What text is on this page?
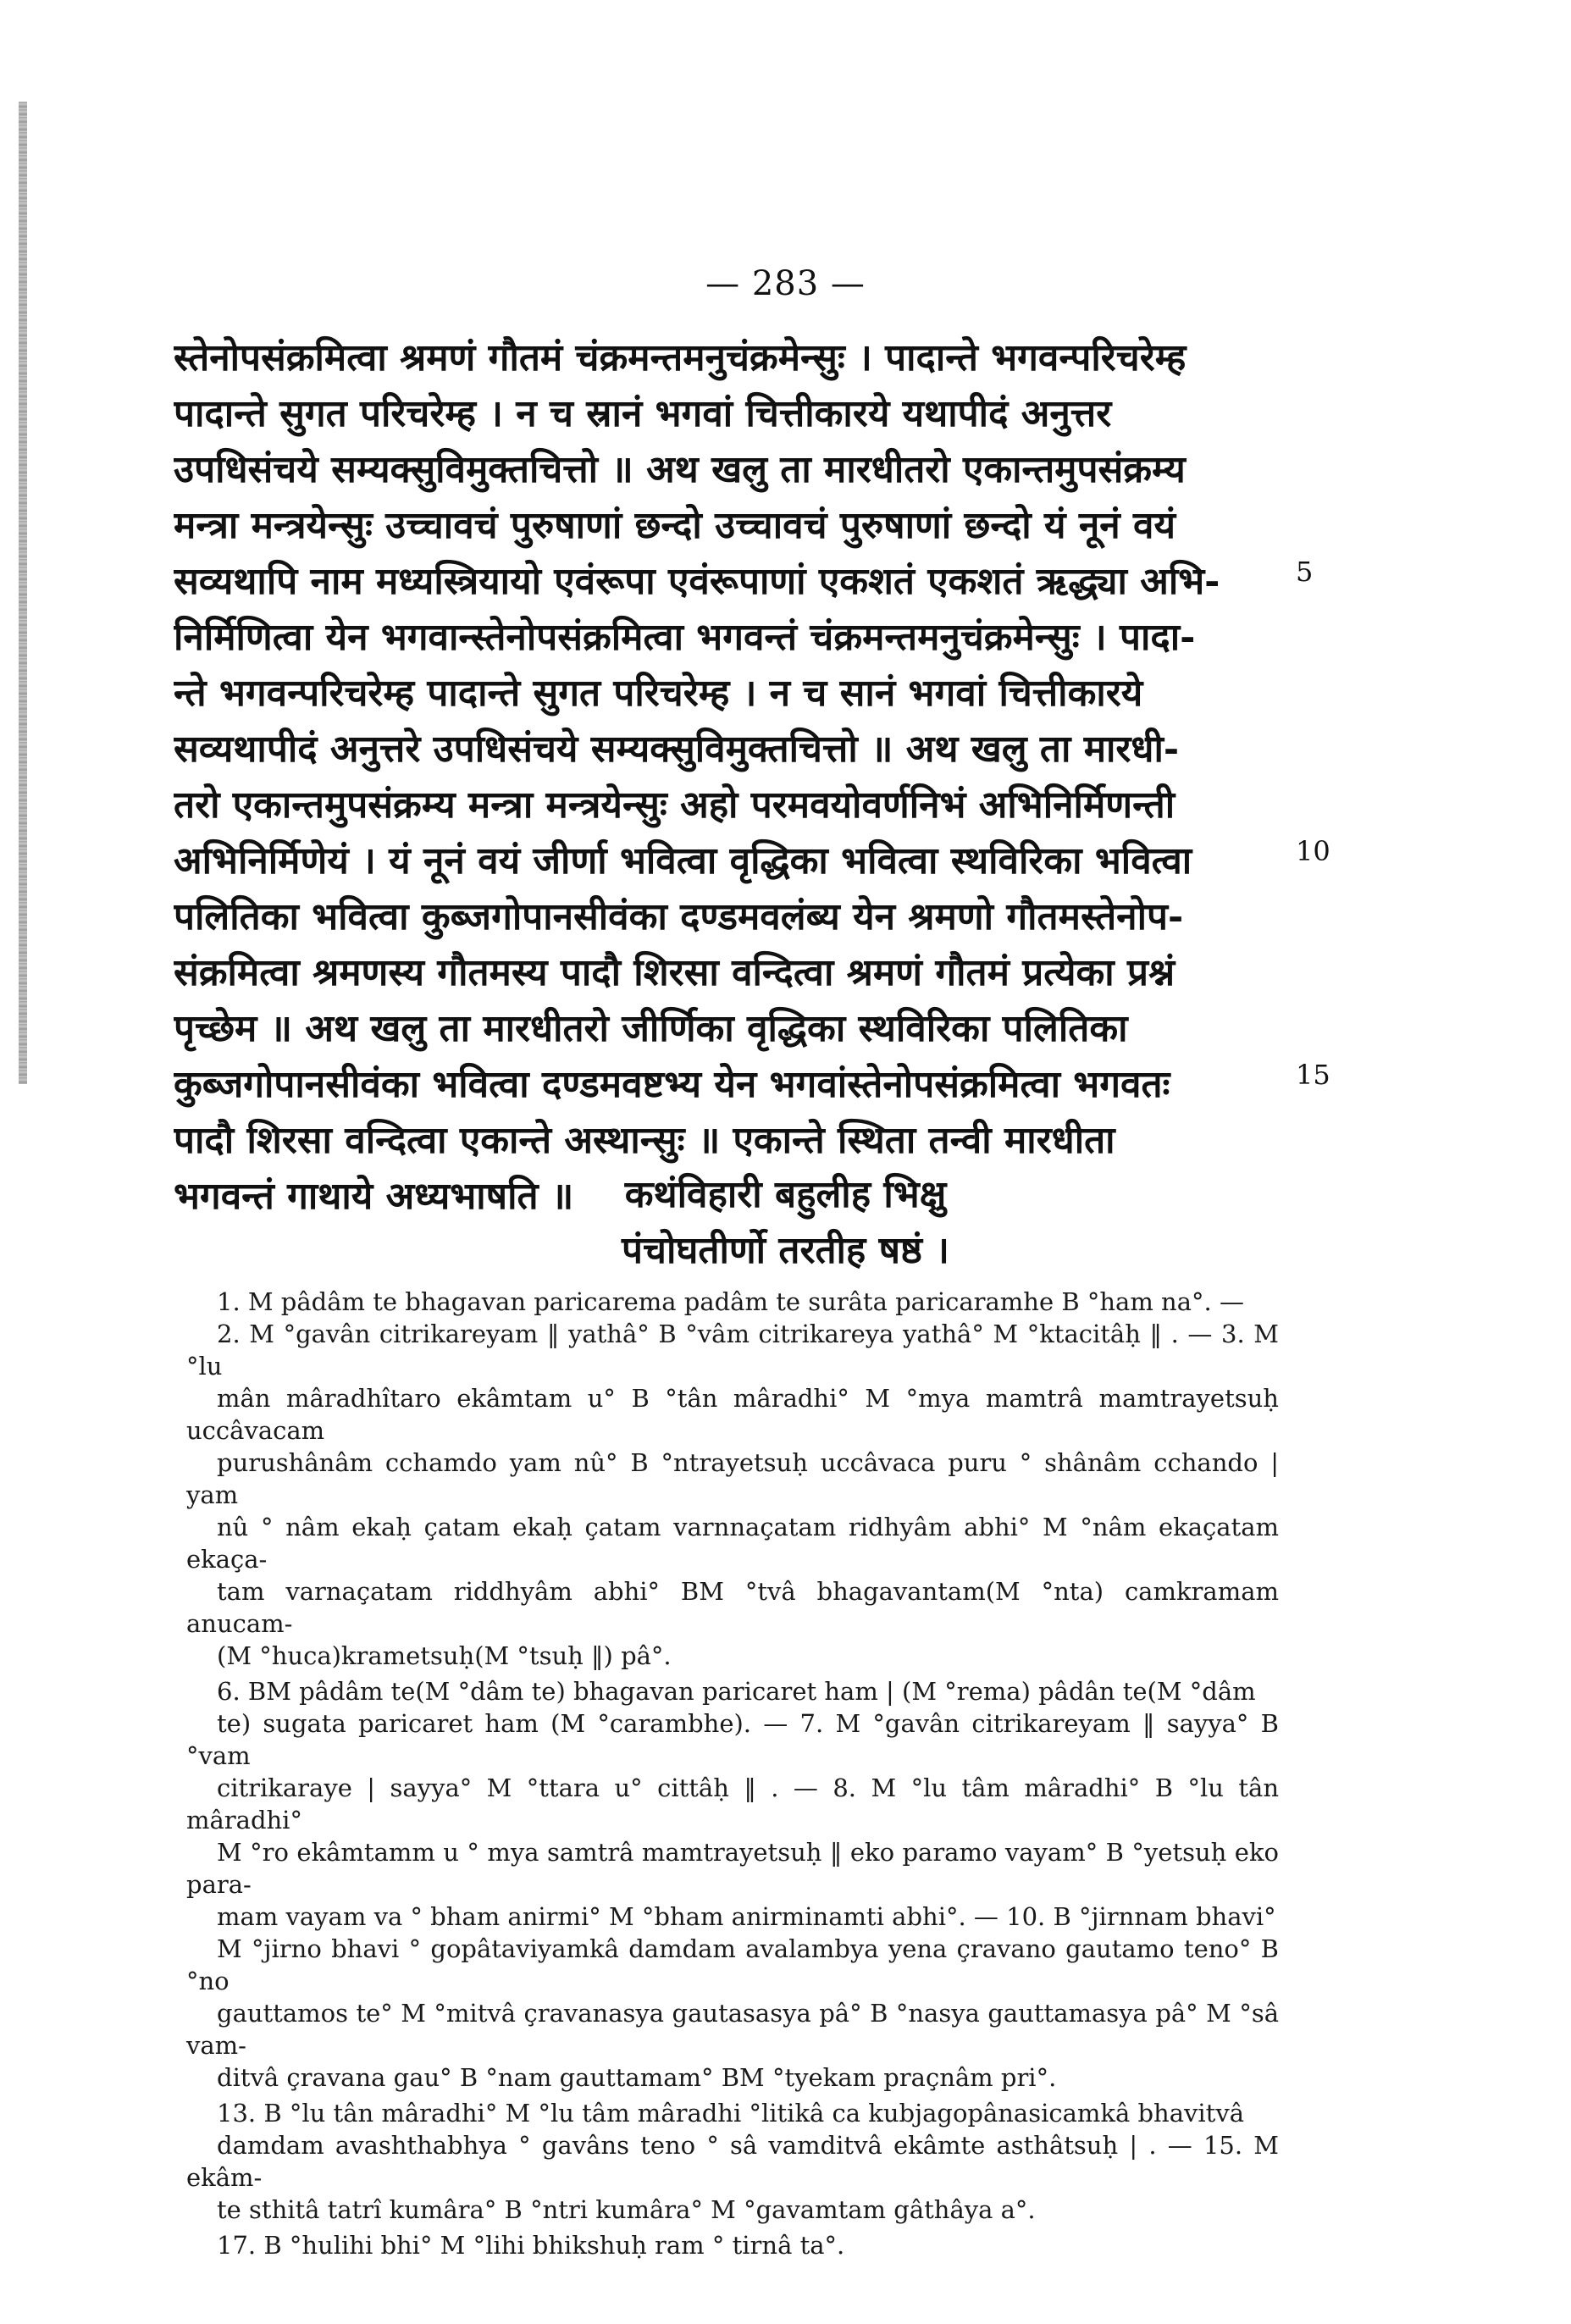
— 283 —
स्तेनोपसंक्रमित्वा श्रमणं गौतमं चंक्रमन्तमनुचंक्रमेन्सुः । पादान्ते भगवन्परिचरेम्ह
पादान्ते सुगत परिचरेम्ह । न च स्रानं भगवां चित्तीकारये यथापीदं अनुत्तर
उपधिसंचये सम्यक्सुविमुक्तचित्तो ॥ अथ खलु ता मारधीतरो एकान्तमुपसंक्रम्य
मन्त्रा मन्त्रयेन्सुः उच्चावचं पुरुषाणां छन्दो उच्चावचं पुरुषाणां छन्दो यं नूनं वयं
सव्यथापि नाम मध्यस्त्रियायो एवंरूपा एवंरूपाणां एकशतं एकशतं ऋद्ध्या अभि-
निर्मिणित्वा येन भगवान्स्तेनोपसंक्रमित्वा भगवन्तं चंक्रमन्तमनुचंक्रमेन्सुः । पादा-
न्ते भगवन्परिचरेम्ह पादान्ते सुगत परिचरेम्ह । न च सानं भगवां चित्तीकारये
सव्यथापीदं अनुत्तरे उपधिसंचये सम्यक्सुविमुक्तचित्तो ॥ अथ खलु ता मारधी-
तरो एकान्तमुपसंक्रम्य मन्त्रा मन्त्रयेन्सुः अहो परमवयोवर्णनिभं अभिनिर्मिणन्ती
अभिनिर्मिणेयं । यं नूनं वयं जीर्णा भवित्वा वृद्धिका भवित्वा स्थविरिका भवित्वा
पलितिका भवित्वा कुब्जगोपानसीवंका दण्डमवलंब्य येन श्रमणो गौतमस्तेनोप-
संक्रमित्वा श्रमणस्य गौतमस्य पादौ शिरसा वन्दित्वा श्रमणं गौतमं प्रत्येका प्रश्नं
पृच्छेम ॥ अथ खलु ता मारधीतरो जीर्णिका वृद्धिका स्थविरिका पलितिका
कुब्जगोपानसीवंका भवित्वा दण्डमवष्टभ्य येन भगवांस्तेनोपसंक्रमित्वा भगवतः
पादौ शिरसा वन्दित्वा एकान्ते अस्थान्सुः ॥ एकान्ते स्थिता तन्वी मारधीता
भगवन्तं गाथाये अध्यभाषति ॥
5
10
15
कथंविहारी बहुलीह भिक्षु
पंचोघतीर्णो तरतीह षष्ठं ।

1. M pâdâm te bhagavan paricarema padâm te surâta paricaramhe B °ham na°. —
2. M °gavân citrikareyam ‖ yathâ° B °vâm citrikareya yathâ° M °ktacitâḥ ‖ . — 3. M °lu
mân mâradhîtaro ekâmtam u° B °tân mâradhi° M °mya mamtrâ mamtrayetsuḥ uccâvacam
purushânâm cchamdo yam nû° B °ntrayetsuḥ uccâvaca puru ° shânâm cchando | yam
nû ° nâm ekaḥ çatam ekaḥ çatam varnnaçatam ridhyâm abhi° M °nâm ekaçatam ekaça-
tam varnaçatam riddhyâm abhi° BM °tvâ bhagavantam(M °nta) camkramam anucam-
(M °huca)krametsuḥ(M °tsuḥ ‖) pâ°.

6. BM pâdâm te(M °dâm te) bhagavan paricaret ham | (M °rema) pâdân te(M °dâm
te) sugata paricaret ham (M °carambhe). — 7. M °gavân citrikareyam ‖ sayya° B °vam
citrikaraye | sayya° M °ttara u° cittâḥ ‖ . — 8. M °lu tâm mâradhi° B °lu tân mâradhi°
M °ro ekâmtamm u ° mya samtrâ mamtrayetsuḥ ‖ eko paramo vayam° B °yetsuḥ eko para-
mam vayam va ° bham anirmi° M °bham anirminamti abhi°. — 10. B °jirnnam bhavi°
M °jirno bhavi ° gopâtaviyamkâ damdam avalambya yena çravano gautamo teno° B °no
gauttamos te° M °mitvâ çravanasya gautasasya pâ° B °nasya gauttamasya pâ° M °sâ vam-
ditvâ çravana gau° B °nam gauttamam° BM °tyekam praçnâm pri°.

13. B °lu tân mâradhi° M °lu tâm mâradhi °litikâ ca kubjagopânasicamkâ bhavitvâ
damdam avashthabhya ° gavâns teno ° sâ vamditvâ ekâmte asthâtsuḥ | . — 15. M ekâm-
te sthitâ tatrî kumâra° B °ntri kumâra° M °gavamtam gâthâya a°.

17. B °hulihi bhi° M °lihi bhikshuḥ ram ° tirnâ ta°.
